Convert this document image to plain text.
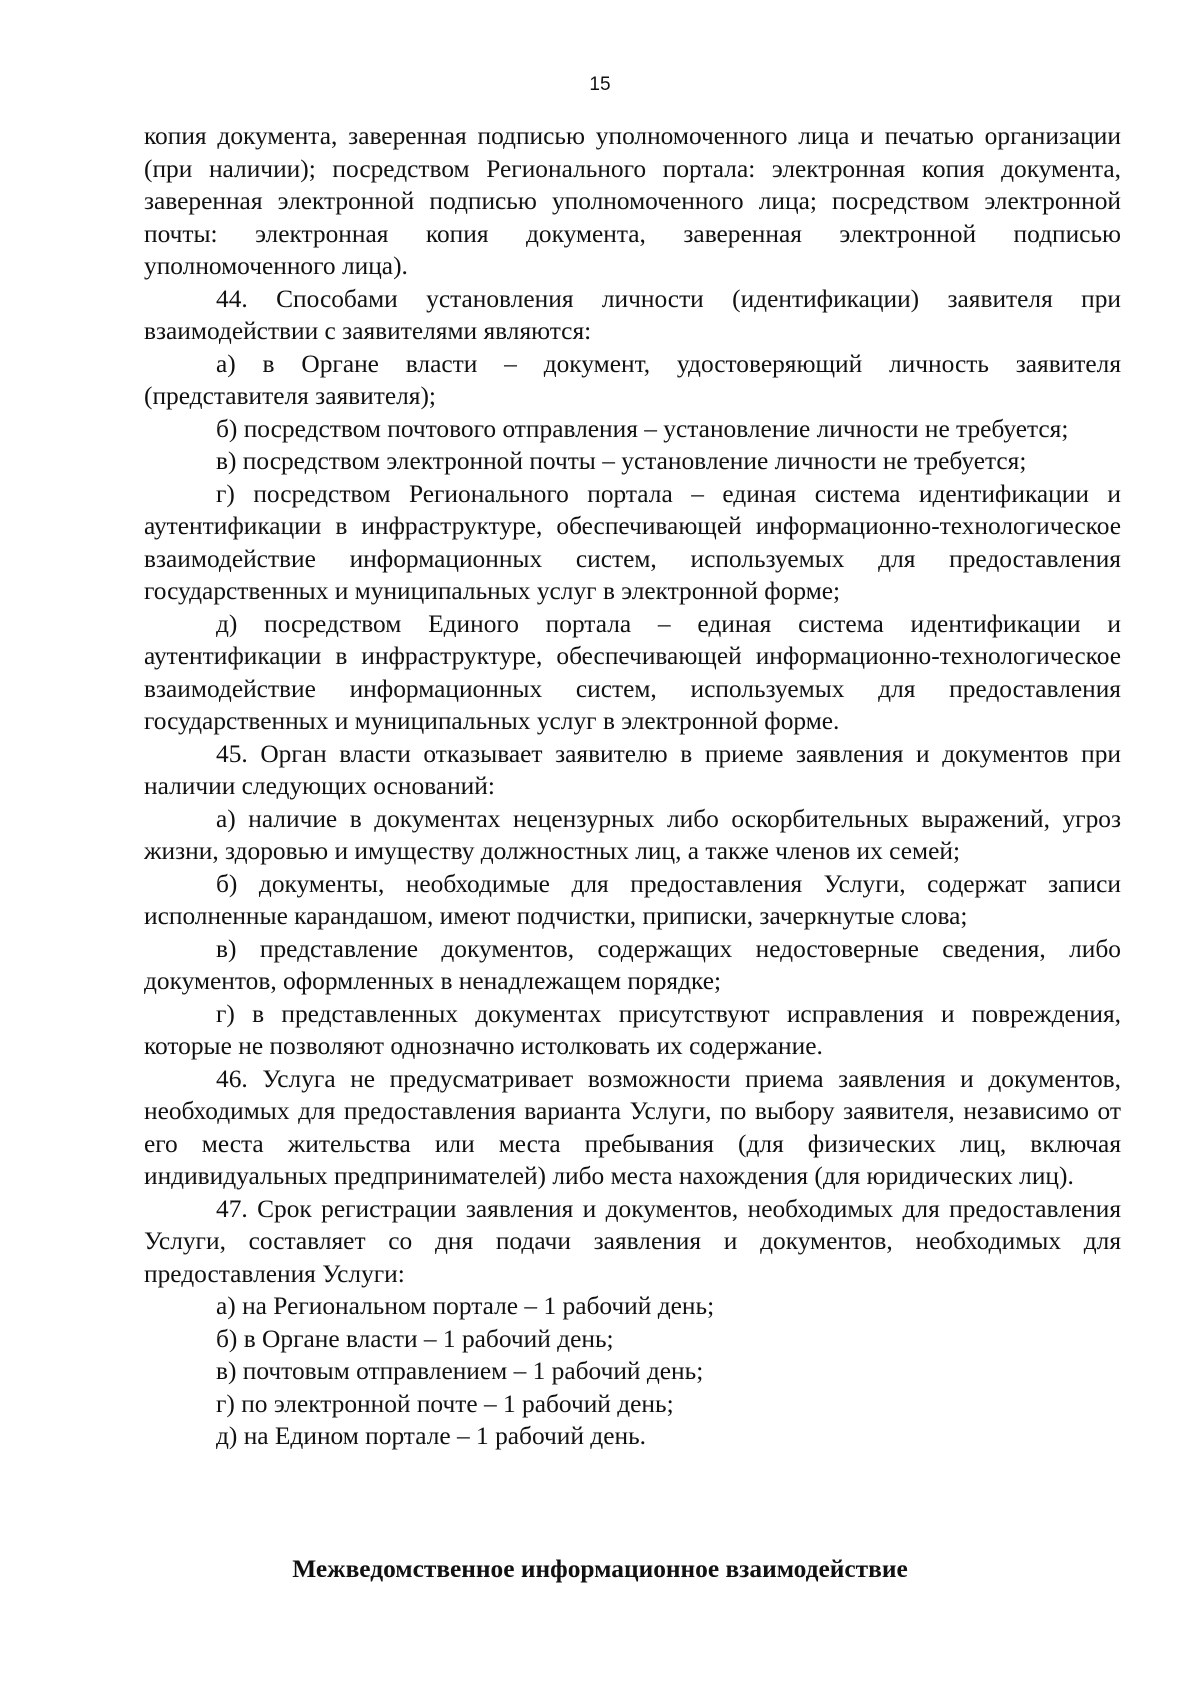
15

копия документа, заверенная подписью уполномоченного лица и печатью организации (при наличии); посредством Регионального портала: электронная копия документа, заверенная электронной подписью уполномоченного лица; посредством электронной почты: электронная копия документа, заверенная электронной подписью уполномоченного лица).

44. Способами установления личности (идентификации) заявителя при взаимодействии с заявителями являются:

а) в Органе власти – документ, удостоверяющий личность заявителя (представителя заявителя);

б) посредством почтового отправления – установление личности не требуется;

в) посредством электронной почты – установление личности не требуется;

г) посредством Регионального портала – единая система идентификации и аутентификации в инфраструктуре, обеспечивающей информационно-технологическое взаимодействие информационных систем, используемых для предоставления государственных и муниципальных услуг в электронной форме;

д) посредством Единого портала – единая система идентификации и аутентификации в инфраструктуре, обеспечивающей информационно-технологическое взаимодействие информационных систем, используемых для предоставления государственных и муниципальных услуг в электронной форме.

45. Орган власти отказывает заявителю в приеме заявления и документов при наличии следующих оснований:

а) наличие в документах нецензурных либо оскорбительных выражений, угроз жизни, здоровью и имуществу должностных лиц, а также членов их семей;

б) документы, необходимые для предоставления Услуги, содержат записи исполненные карандашом, имеют подчистки, приписки, зачеркнутые слова;

в) представление документов, содержащих недостоверные сведения, либо документов, оформленных в ненадлежащем порядке;

г) в представленных документах присутствуют исправления и повреждения, которые не позволяют однозначно истолковать их содержание.

46. Услуга не предусматривает возможности приема заявления и документов, необходимых для предоставления варианта Услуги, по выбору заявителя, независимо от его места жительства или места пребывания (для физических лиц, включая индивидуальных предпринимателей) либо места нахождения (для юридических лиц).

47. Срок регистрации заявления и документов, необходимых для предоставления Услуги, составляет со дня подачи заявления и документов, необходимых для предоставления Услуги:

а) на Региональном портале – 1 рабочий день;

б) в Органе власти – 1 рабочий день;

в) почтовым отправлением – 1 рабочий день;

г) по электронной почте – 1 рабочий день;

д) на Едином портале – 1 рабочий день.

Межведомственное информационное взаимодействие
